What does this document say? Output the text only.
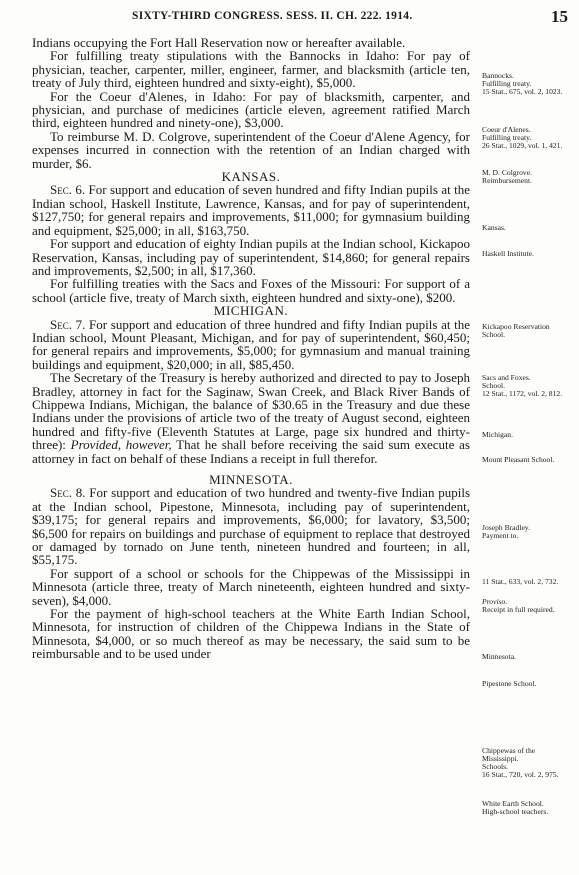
SIXTY-THIRD CONGRESS. SESS. II. CH. 222. 1914.	15

Indians occupying the Fort Hall Reservation now or hereafter available.

For fulfilling treaty stipulations with the Bannocks in Idaho: For pay of physician, teacher, carpenter, miller, engineer, farmer, and blacksmith (article ten, treaty of July third, eighteen hundred and sixty-eight), $5,000.

For the Coeur d'Alenes, in Idaho: For pay of blacksmith, carpenter, and physician, and purchase of medicines (article eleven, agreement ratified March third, eighteen hundred and ninety-one), $3,000.

To reimburse M. D. Colgrove, superintendent of the Coeur d'Alene Agency, for expenses incurred in connection with the retention of an Indian charged with murder, $6.

KANSAS.

Sec. 6. For support and education of seven hundred and fifty Indian pupils at the Indian school, Haskell Institute, Lawrence, Kansas, and for pay of superintendent, $127,750; for general repairs and improvements, $11,000; for gymnasium building and equipment, $25,000; in all, $163,750.

For support and education of eighty Indian pupils at the Indian school, Kickapoo Reservation, Kansas, including pay of superintendent, $14,860; for general repairs and improvements, $2,500; in all, $17,360.

For fulfilling treaties with the Sacs and Foxes of the Missouri: For support of a school (article five, treaty of March sixth, eighteen hundred and sixty-one), $200.

MICHIGAN.

Sec. 7. For support and education of three hundred and fifty Indian pupils at the Indian school, Mount Pleasant, Michigan, and for pay of superintendent, $60,450; for general repairs and improvements, $5,000; for gymnasium and manual training buildings and equipment, $20,000; in all, $85,450.

The Secretary of the Treasury is hereby authorized and directed to pay to Joseph Bradley, attorney in fact for the Saginaw, Swan Creek, and Black River Bands of Chippewa Indians, Michigan, the balance of $30.65 in the Treasury and due these Indians under the provisions of article two of the treaty of August second, eighteen hundred and fifty-five (Eleventh Statutes at Large, page six hundred and thirty-three): Provided, however, That he shall before receiving the said sum execute as attorney in fact on behalf of these Indians a receipt in full therefor.

MINNESOTA.

Sec. 8. For support and education of two hundred and twenty-five Indian pupils at the Indian school, Pipestone, Minnesota, including pay of superintendent, $39,175; for general repairs and improvements, $6,000; for lavatory, $3,500; $6,500 for repairs on buildings and purchase of equipment to replace that destroyed or damaged by tornado on June tenth, nineteen hundred and fourteen; in all, $55,175.

For support of a school or schools for the Chippewas of the Mississippi in Minnesota (article three, treaty of March nineteenth, eighteen hundred and sixty-seven), $4,000.

For the payment of high-school teachers at the White Earth Indian School, Minnesota, for instruction of children of the Chippewa Indians in the State of Minnesota, $4,000, or so much thereof as may be necessary, the said sum to be reimbursable and to be used under

Bannocks.
Fulfilling treaty.
15 Stat., 675, vol. 2, 1023.
Coeur d'Alenes.
Fulfilling treaty.
26 Stat., 1029, vol. 1, 421.
M. D. Colgrove.
Reimbursement.
Kansas.
Haskell Institute.
Kickapoo Reservation School.
Sacs and Foxes.
School.
12 Stat., 1172, vol. 2, 812.
Michigan.
Mount Pleasant School.
Joseph Bradley.
Payment to.
11 Stat., 633, vol. 2, 732.
Proviso.
Receipt in full required.
Minnesota.
Pipestone School.
Chippewas of the Mississippi.
Schools.
16 Stat., 720, vol. 2, 975.
White Earth School.
High-school teachers.
